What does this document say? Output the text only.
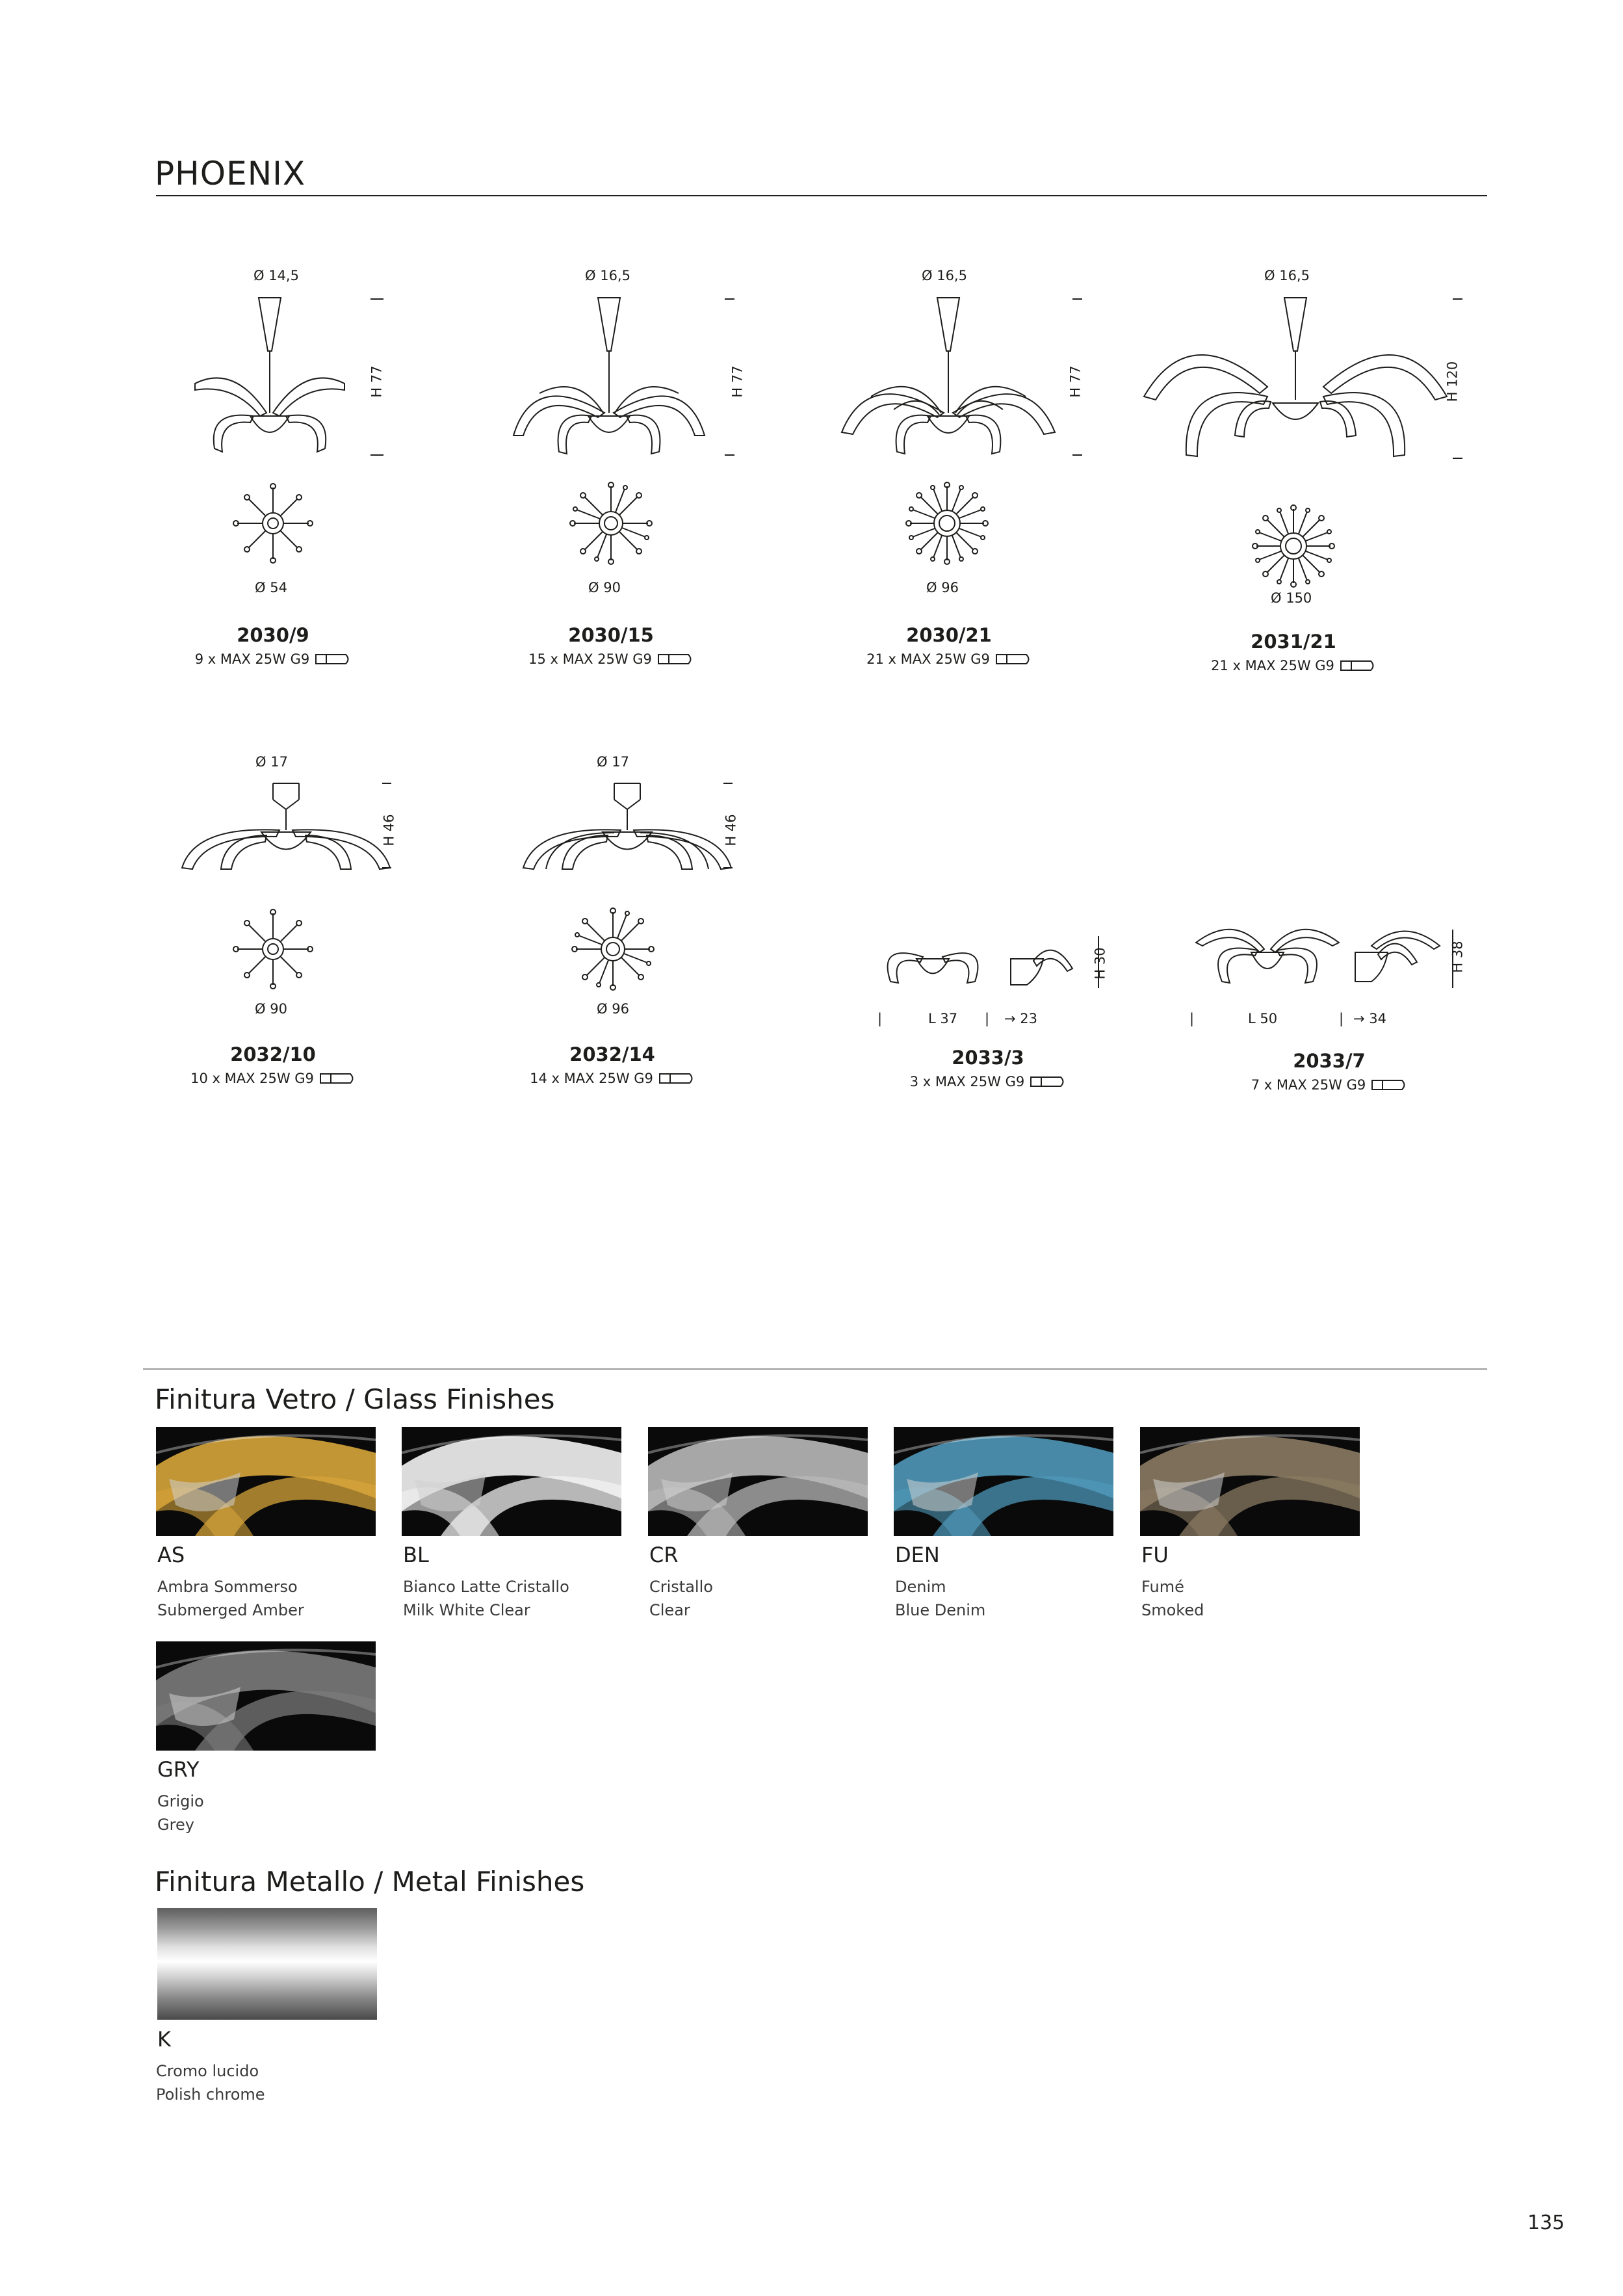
PHOENIX
Ø 14,5
H 77
Ø 54
2030/9
9 x MAX 25W G9
Ø 16,5
H 77
Ø 90
2030/15
15 x MAX 25W G9
Ø 16,5
H 77
Ø 96
2030/21
21 x MAX 25W G9
Ø 16,5
H 120
Ø 150
2031/21
21 x MAX 25W G9
Ø 17
H 46
Ø 90
2032/10
10 x MAX 25W G9
Ø 17
H 46
Ø 96
2032/14
14 x MAX 25W G9
H 30
|	L 37 | → 23
2033/3
3 x MAX 25W G9
H 38
|	L 50	| → 34
2033/7
7 x MAX 25W G9
Finitura Vetro / Glass Finishes
AS
Ambra Sommerso
Submerged Amber
BL
Bianco Latte Cristallo
Milk White Clear
CR
Cristallo
Clear
DEN
Denim
Blue Denim
FU
Fumé
Smoked
GRY
Grigio
Grey
Finitura Metallo / Metal Finishes
K
Cromo lucido
Polish chrome
135
